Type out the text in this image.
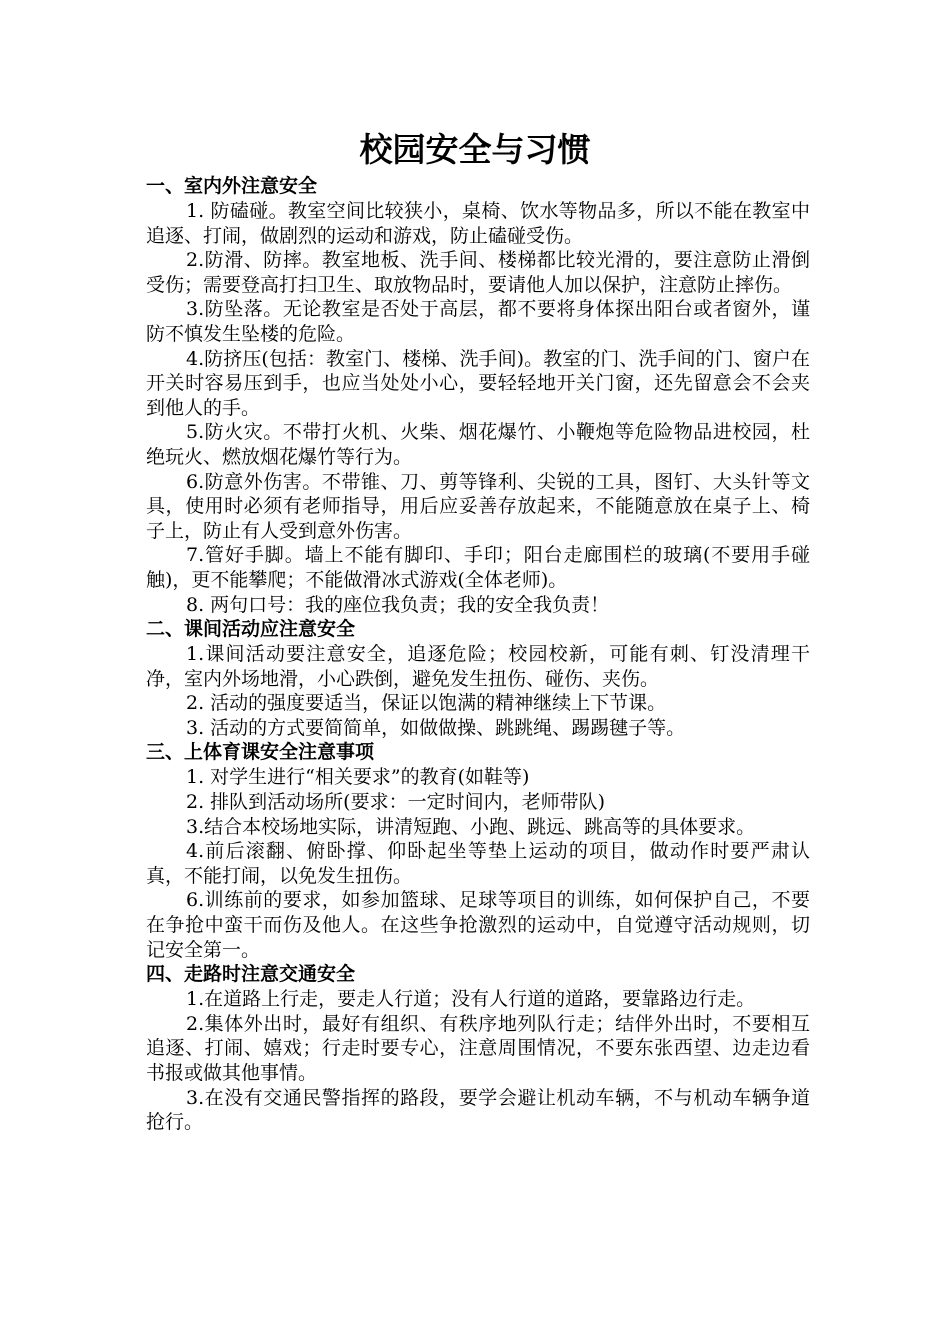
校园安全与习惯
一、室内外注意安全

1. 防磕碰。教室空间比较狭小，桌椅、饮水等物品多，所以不能在教室中追逐、打闹，做剧烈的运动和游戏，防止磕碰受伤。

2.防滑、防摔。教室地板、洗手间、楼梯都比较光滑的，要注意防止滑倒受伤；需要登高打扫卫生、取放物品时，要请他人加以保护，注意防止摔伤。

3.防坠落。无论教室是否处于高层，都不要将身体探出阳台或者窗外，谨防不慎发生坠楼的危险。

4.防挤压(包括：教室门、楼梯、洗手间)。教室的门、洗手间的门、窗户在开关时容易压到手，也应当处处小心，要轻轻地开关门窗，还先留意会不会夹到他人的手。

5.防火灾。不带打火机、火柴、烟花爆竹、小鞭炮等危险物品进校园，杜绝玩火、燃放烟花爆竹等行为。

6.防意外伤害。不带锥、刀、剪等锋利、尖锐的工具，图钉、大头针等文具，使用时必须有老师指导，用后应妥善存放起来，不能随意放在桌子上、椅子上，防止有人受到意外伤害。

7.管好手脚。墙上不能有脚印、手印；阳台走廊围栏的玻璃(不要用手碰触)，更不能攀爬；不能做滑冰式游戏(全体老师)。

8. 两句口号：我的座位我负责；我的安全我负责！

二、课间活动应注意安全

1.课间活动要注意安全，追逐危险；校园校新，可能有刺、钉没清理干净，室内外场地滑，小心跌倒，避免发生扭伤、碰伤、夹伤。

2. 活动的强度要适当，保证以饱满的精神继续上下节课。

3. 活动的方式要简简单，如做做操、跳跳绳、踢踢毽子等。

三、上体育课安全注意事项

1. 对学生进行“相关要求”的教育(如鞋等)

2. 排队到活动场所(要求：一定时间内，老师带队)

3.结合本校场地实际，讲清短跑、小跑、跳远、跳高等的具体要求。

4.前后滚翻、俯卧撑、仰卧起坐等垫上运动的项目，做动作时要严肃认真，不能打闹，以免发生扭伤。

6.训练前的要求，如参加篮球、足球等项目的训练，如何保护自己，不要在争抢中蛮干而伤及他人。在这些争抢激烈的运动中，自觉遵守活动规则，切记安全第一。

四、走路时注意交通安全

1.在道路上行走，要走人行道；没有人行道的道路，要靠路边行走。

2.集体外出时，最好有组织、有秩序地列队行走；结伴外出时，不要相互追逐、打闹、嬉戏；行走时要专心，注意周围情况，不要东张西望、边走边看书报或做其他事情。

3.在没有交通民警指挥的路段，要学会避让机动车辆，不与机动车辆争道抢行。
